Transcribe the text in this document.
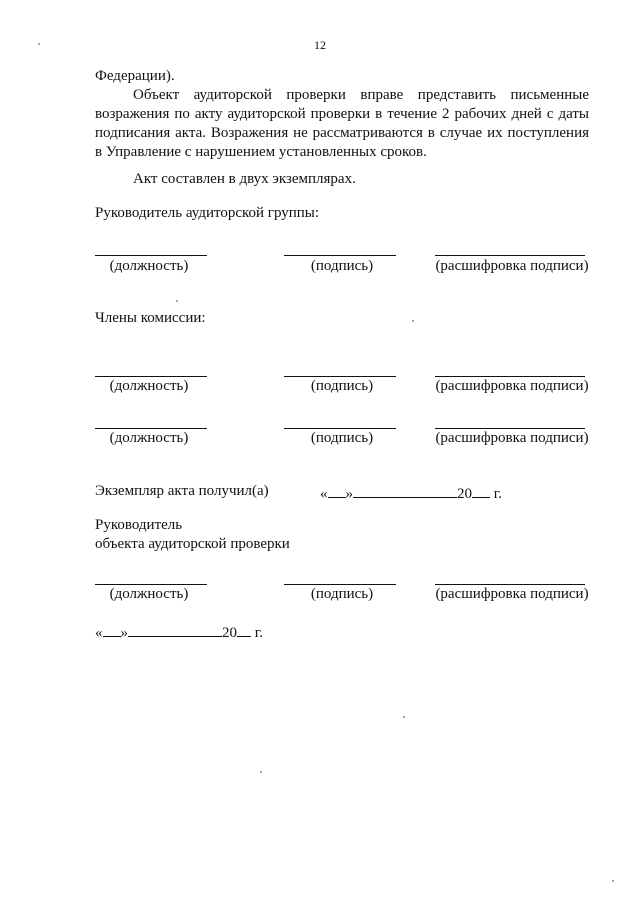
12
Федерации).
Объект аудиторской проверки вправе представить письменные возражения по акту аудиторской проверки в течение 2 рабочих дней с даты подписания акта. Возражения не рассматриваются в случае их поступления в Управление с нарушением установленных сроков.
Акт составлен в двух экземплярах.
Руководитель аудиторской группы:
(должность)	(подпись)	(расшифровка подписи)
Члены комиссии:
(должность)	(подпись)	(расшифровка подписи)
(должность)	(подпись)	(расшифровка подписи)
Экземпляр акта получил(а)	« »	20 г.
Руководитель
объекта аудиторской проверки
(должность)	(подпись)	(расшифровка подписи)
« »	20 г.
